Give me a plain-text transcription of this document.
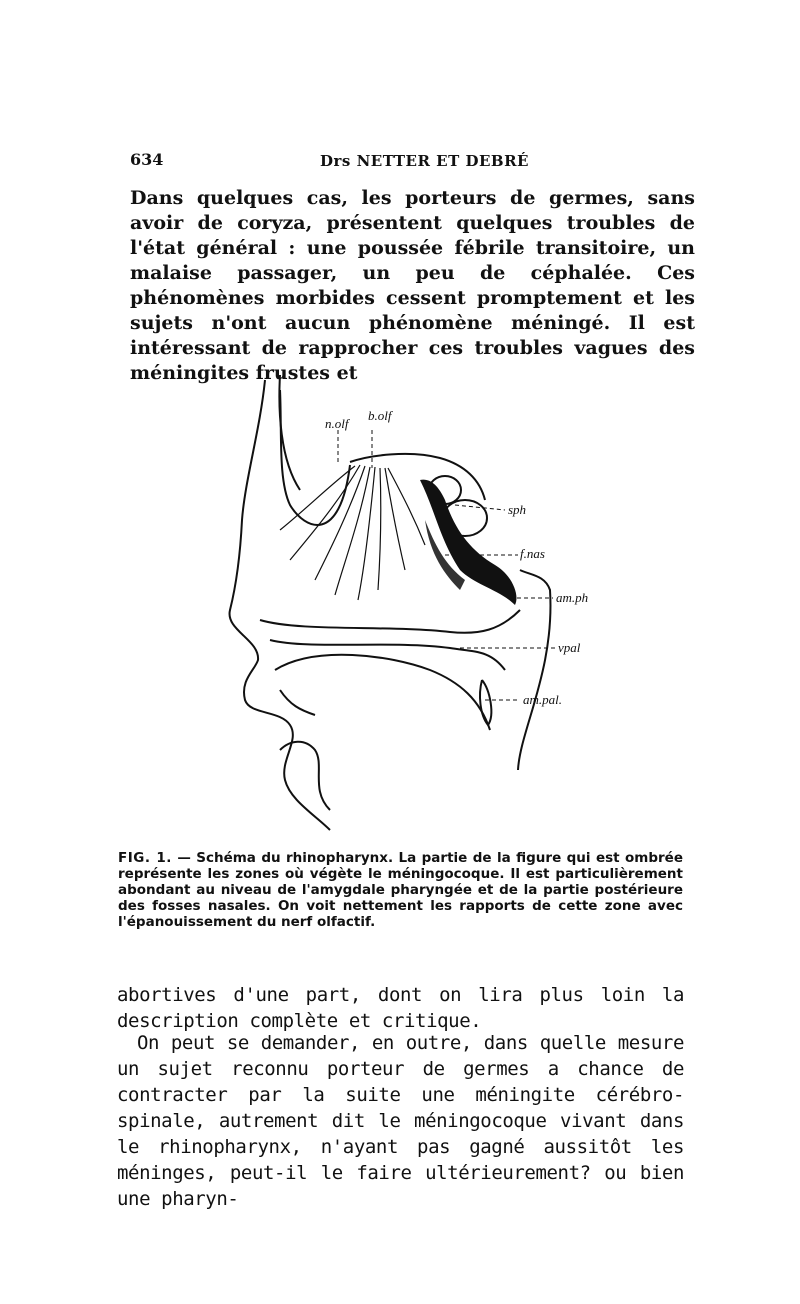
634	Drs NETTER ET DEBRÉ
Dans quelques cas, les porteurs de germes, sans avoir de coryza, présentent quelques troubles de l'état général : une poussée fébrile transitoire, un malaise passager, un peu de céphalée. Ces phénomènes morbides cessent promptement et les sujets n'ont aucun phénomène méningé. Il est intéressant de rapprocher ces troubles vagues des méningites frustes et
n.olf
b.olf
sph
f.nas
am.ph
vpal
am.pal.
FIG. 1. — Schéma du rhinopharynx. La partie de la figure qui est ombrée représente les zones où végète le méningocoque. Il est particulièrement abondant au niveau de l'amygdale pharyngée et de la partie postérieure des fosses nasales. On voit nettement les rapports de cette zone avec l'épanouissement du nerf olfactif.
abortives d'une part, dont on lira plus loin la description complète et critique.
On peut se demander, en outre, dans quelle mesure un sujet reconnu porteur de germes a chance de contracter par la suite une méningite cérébro-spinale, autrement dit le méningocoque vivant dans le rhinopharynx, n'ayant pas gagné aussitôt les méninges, peut-il le faire ultérieurement? ou bien une pharyn-
